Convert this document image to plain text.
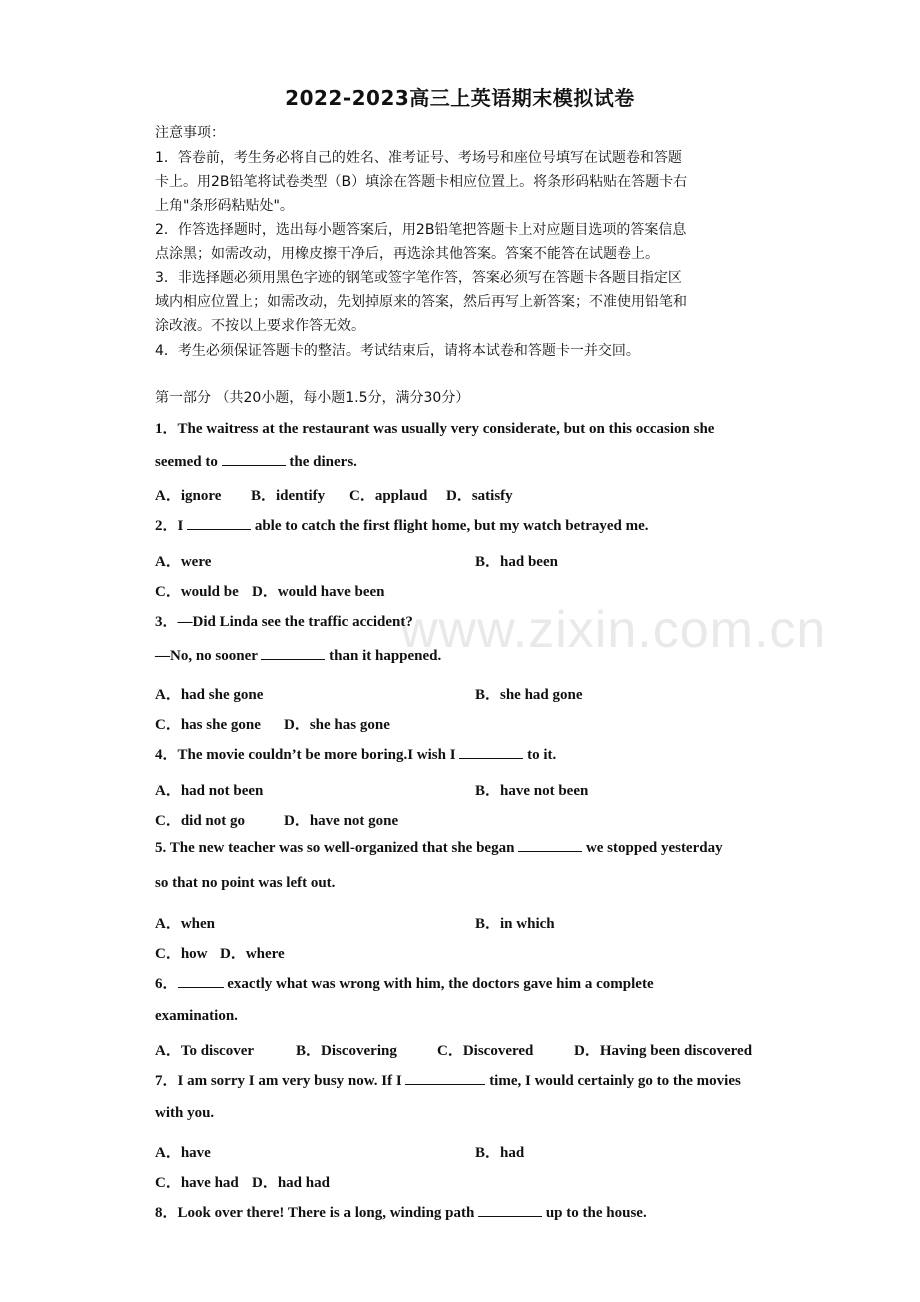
2022-2023高三上英语期末模拟试卷
www.zixin.com.cn
注意事项：
1．答卷前，考生务必将自己的姓名、准考证号、考场号和座位号填写在试题卷和答题
卡上。用2B铅笔将试卷类型（B）填涂在答题卡相应位置上。将条形码粘贴在答题卡右
上角"条形码粘贴处"。
2．作答选择题时，选出每小题答案后，用2B铅笔把答题卡上对应题目选项的答案信息
点涂黑；如需改动，用橡皮擦干净后，再选涂其他答案。答案不能答在试题卷上。
3．非选择题必须用黑色字迹的钢笔或签字笔作答，答案必须写在答题卡各题目指定区
域内相应位置上；如需改动，先划掉原来的答案，然后再写上新答案；不准使用铅笔和
涂改液。不按以上要求作答无效。
4．考生必须保证答题卡的整洁。考试结束后，请将本试卷和答题卡一并交回。
第一部分 （共20小题，每小题1.5分，满分30分）
1．The waitress at the restaurant was usually very considerate, but on this occasion she
seemed to	the diners.
A．ignore B．identify C．applaud D．satisfy
2．I	able to catch the first flight home, but my watch betrayed me.
A．were	B．had been
C．would be D．would have been
3．—Did Linda see the traffic accident?
—No, no sooner	than it happened.
A．had she gone	B．she had gone
C．has she gone D．she has gone
4．The movie couldn’t be more boring.I wish I	to it.
A．had not been	B．have not been
C．did not go	D．have not gone
5. The new teacher was so well-organized that she began	we stopped yesterday
so that no point was left out.
A．when	B．in which
C．how D．where
6．	exactly what was wrong with him, the doctors gave him a complete
examination.
A．To discover	B．Discovering	C．Discovered	D．Having been discovered
7．I am sorry I am very busy now. If I	time, I would certainly go to the movies
with you.
A．have	B．had
C．have had D．had had
8．Look over there! There is a long, winding path	up to the house.
